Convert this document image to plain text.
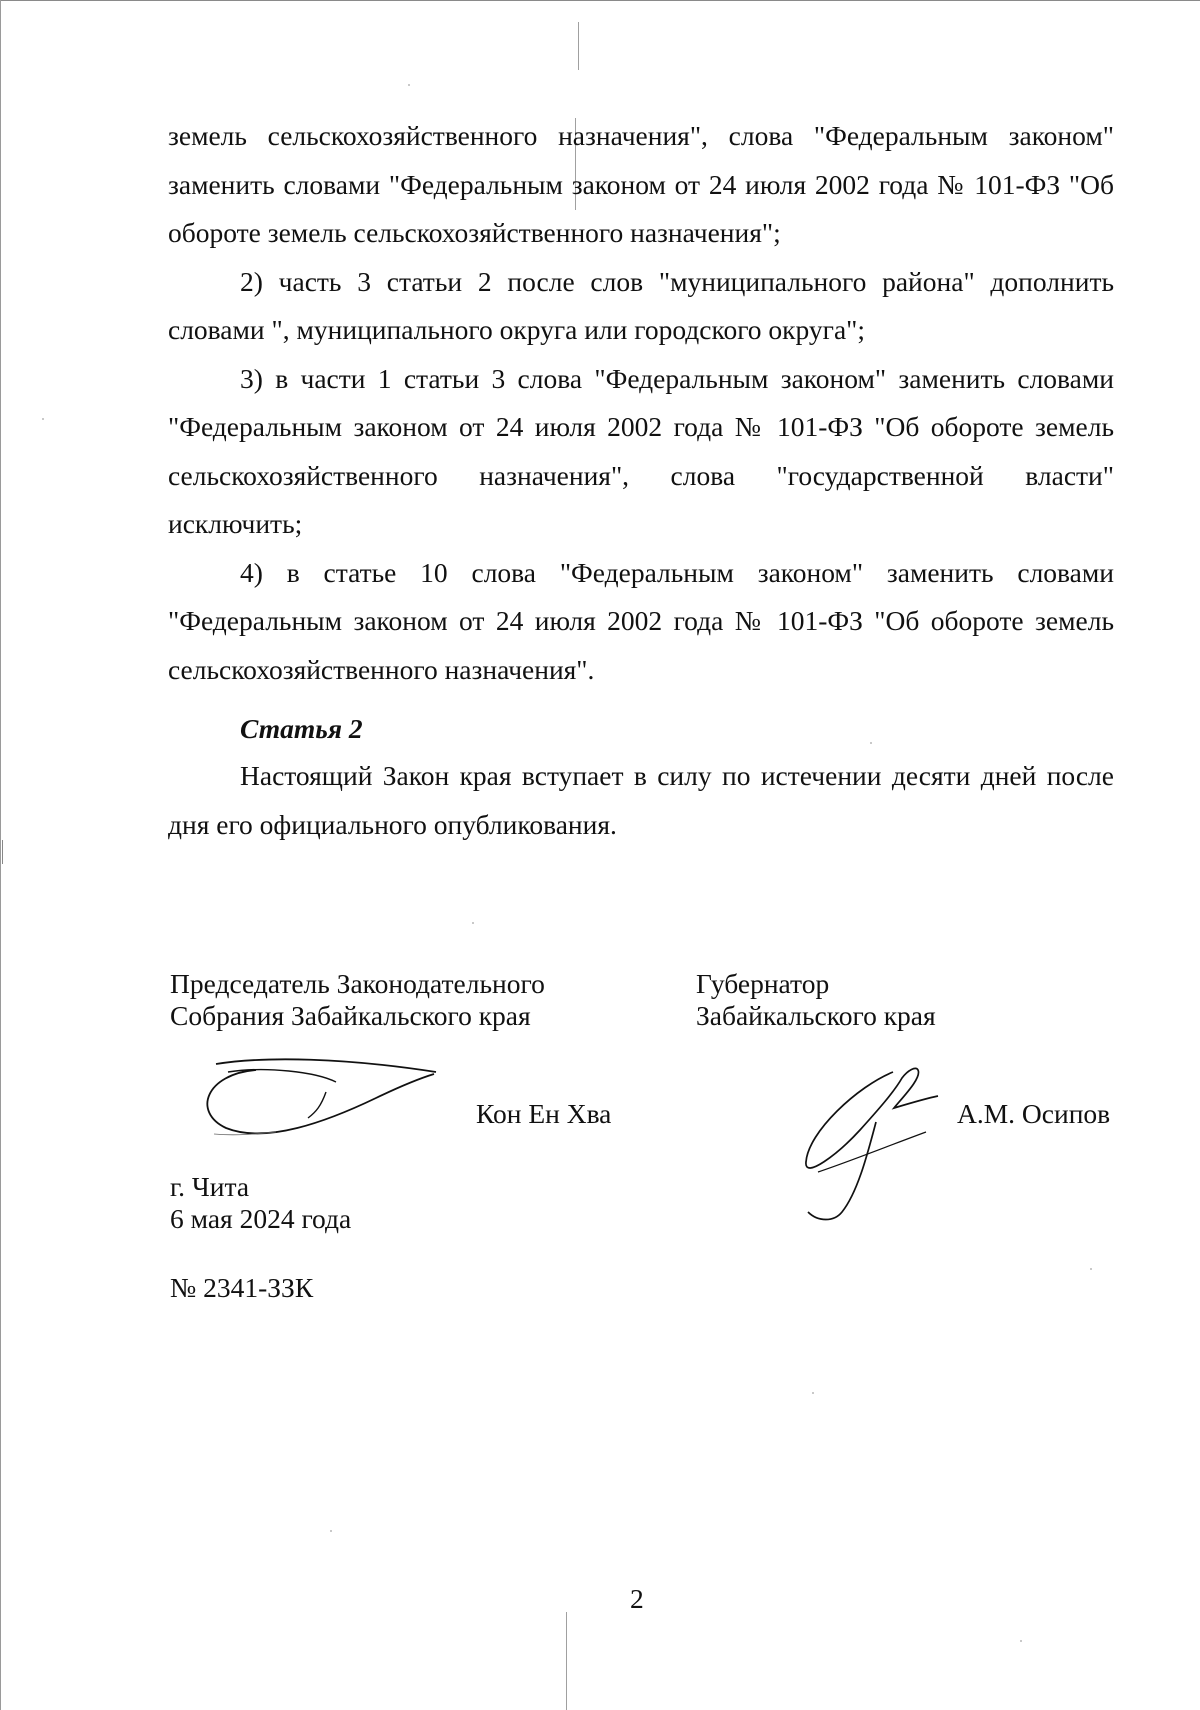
земель сельскохозяйственного назначения", слова "Федеральным законом" заменить словами "Федеральным законом от 24 июля 2002 года № 101-ФЗ "Об обороте земель сельскохозяйственного назначения";

2) часть 3 статьи 2 после слов "муниципального района" дополнить словами ", муниципального округа или городского округа";

3) в части 1 статьи 3 слова "Федеральным законом" заменить словами "Федеральным законом от 24 июля 2002 года № 101-ФЗ "Об обороте земель сельскохозяйственного назначения", слова "государственной власти" исключить;

4) в статье 10 слова "Федеральным законом" заменить словами "Федеральным законом от 24 июля 2002 года № 101-ФЗ "Об обороте земель сельскохозяйственного назначения".

Статья 2

Настоящий Закон края вступает в силу по истечении десяти дней после дня его официального опубликования.

Председатель Законодательного
Собрания Забайкальского края
Губернатор
Забайкальского края
Кон Ен Хва	А.М. Осипов
г. Чита
6 мая 2024 года
№ 2341-ЗЗК
2
